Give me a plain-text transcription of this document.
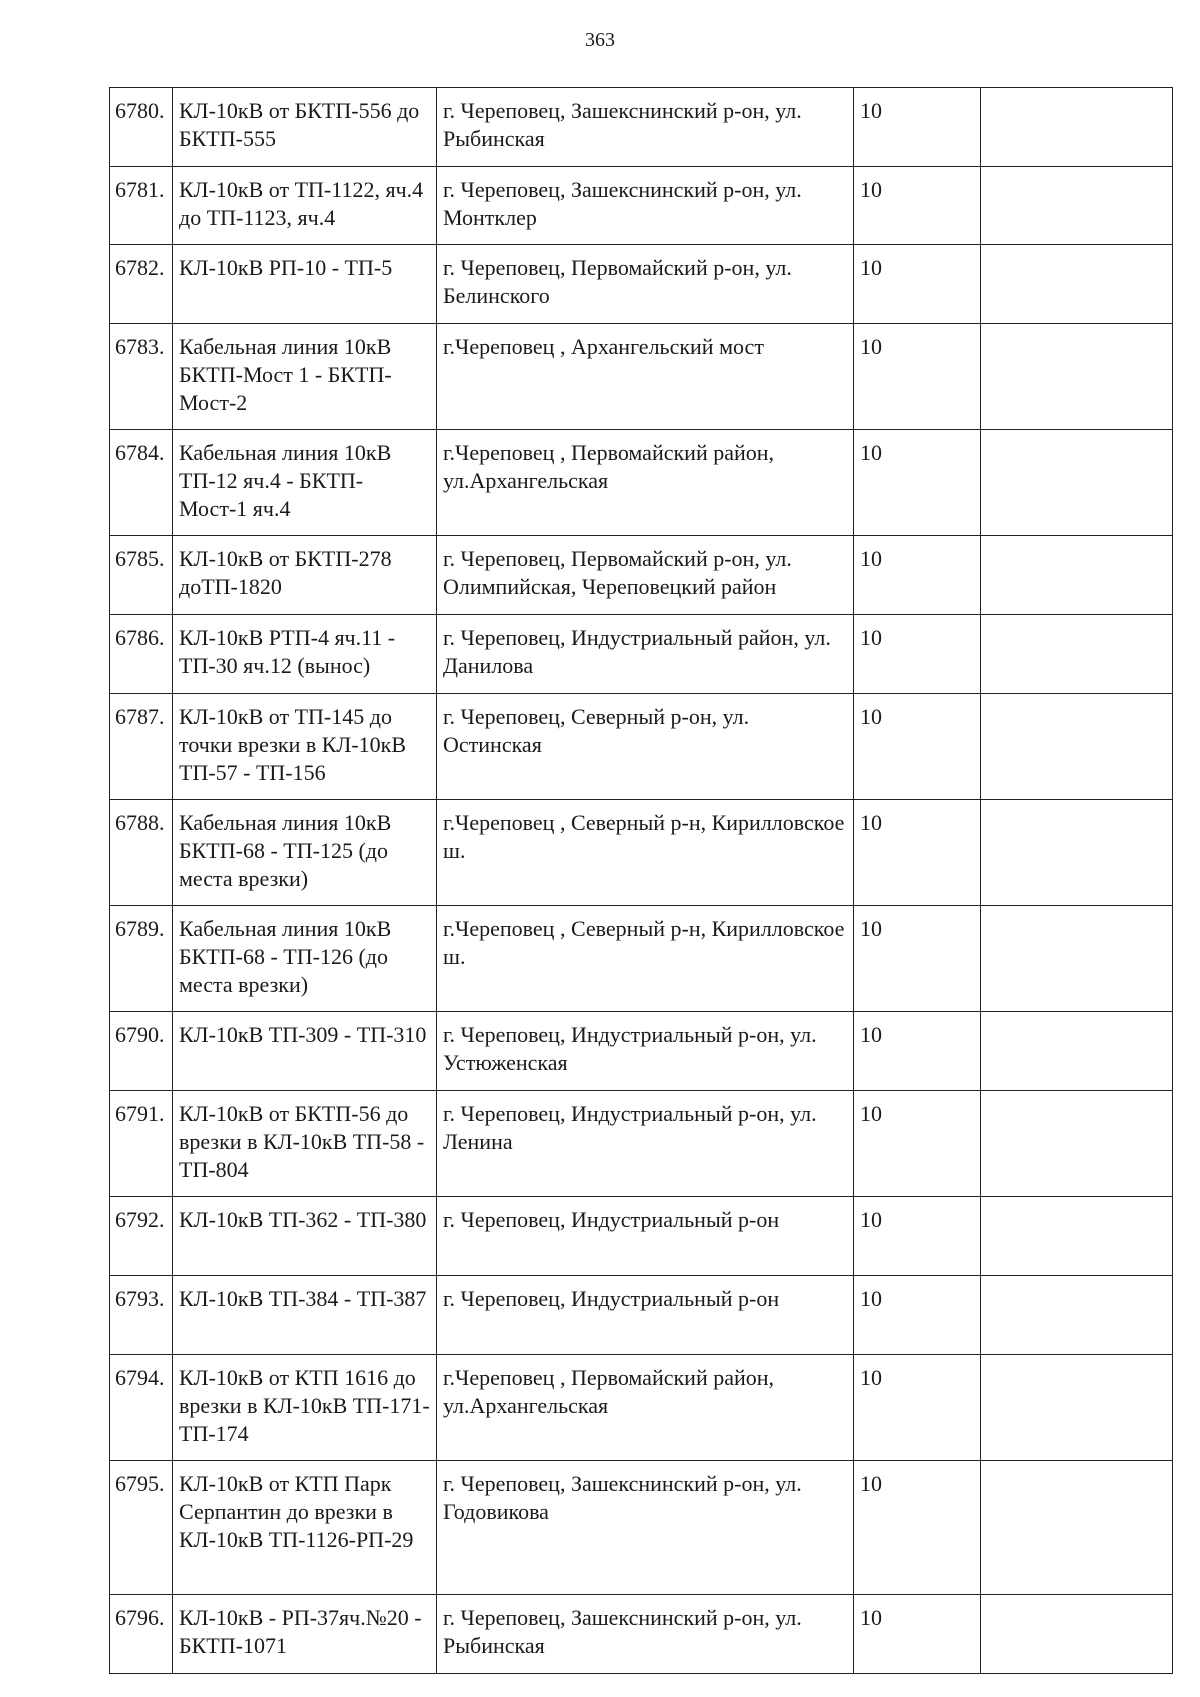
363
6780.	КЛ-10кВ от БКТП-556 до БКТП-555	г. Череповец, Зашекснинский р-он, ул. Рыбинская	10	
6781.	КЛ-10кВ от ТП-1122, яч.4 до ТП-1123, яч.4	г. Череповец, Зашекснинский р-он, ул. Монтклер	10	
6782.	КЛ-10кВ РП-10 - ТП-5	г. Череповец, Первомайский р-он, ул. Белинского	10	
6783.	Кабельная линия 10кВ БКТП-Мост 1 - БКТП-Мост-2	г.Череповец , Архангельский мост	10	
6784.	Кабельная линия 10кВ ТП-12 яч.4 - БКТП-Мост-1 яч.4	г.Череповец , Первомайский район, ул.Архангельская	10	
6785.	КЛ-10кВ от БКТП-278 доТП-1820	г. Череповец, Первомайский р-он, ул. Олимпийская, Череповецкий район	10	
6786.	КЛ-10кВ РТП-4 яч.11 - ТП-30 яч.12 (вынос)	г. Череповец, Индустриальный район, ул. Данилова	10	
6787.	КЛ-10кВ от ТП-145 до точки врезки в КЛ-10кВ ТП-57 - ТП-156	г. Череповец, Северный р-он, ул. Остинская	10	
6788.	Кабельная линия 10кВ БКТП-68 - ТП-125 (до места врезки)	г.Череповец , Северный р-н, Кирилловское ш.	10	
6789.	Кабельная линия 10кВ БКТП-68 - ТП-126 (до места врезки)	г.Череповец , Северный р-н, Кирилловское ш.	10	
6790.	КЛ-10кВ ТП-309 - ТП-310	г. Череповец, Индустриальный р-он, ул. Устюженская	10	
6791.	КЛ-10кВ от БКТП-56 до врезки в КЛ-10кВ ТП-58 - ТП-804	г. Череповец, Индустриальный р-он, ул. Ленина	10	
6792.	КЛ-10кВ ТП-362 - ТП-380	г. Череповец, Индустриальный р-он	10	
6793.	КЛ-10кВ ТП-384 - ТП-387	г. Череповец, Индустриальный р-он	10	
6794.	КЛ-10кВ от КТП 1616 до врезки в КЛ-10кВ ТП-171-ТП-174	г.Череповец , Первомайский район, ул.Архангельская	10	
6795.	КЛ-10кВ от КТП Парк Серпантин до врезки в КЛ-10кВ ТП-1126-РП-29	г. Череповец, Зашекснинский р-он, ул. Годовикова	10	
6796.	КЛ-10кВ - РП-37яч.№20 - БКТП-1071	г. Череповец, Зашекснинский р-он, ул. Рыбинская	10	
